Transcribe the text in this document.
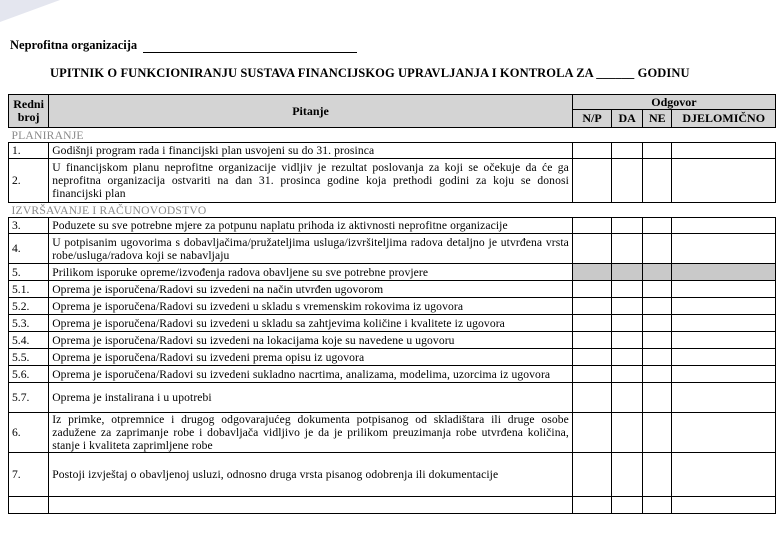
Neprofitna organizacija
UPITNIK O FUNKCIONIRANJU SUSTAVA FINANCIJSKOG UPRAVLJANJA I KONTROLA ZA ______ GODINU
Redni broj	Pitanje	Odgovor			
		N/P	DA	NE	DJELOMIČNO
PLANIRANJE					
1.	Godišnji program rada i financijski plan usvojeni su do 31. prosinca				
2.	U financijskom planu neprofitne organizacije vidljiv je rezultat poslovanja za koji se očekuje da će ga neprofitna organizacija ostvariti na dan 31. prosinca godine koja prethodi godini za koju se donosi financijski plan				
IZVRŠAVANJE I RAČUNOVODSTVO					
3.	Poduzete su sve potrebne mjere za potpunu naplatu prihoda iz aktivnosti neprofitne organizacije				
4.	U potpisanim ugovorima s dobavljačima/pružateljima usluga/izvršiteljima radova detaljno je utvrđena vrsta robe/usluga/radova koji se nabavljaju				
5.	Prilikom isporuke opreme/izvođenja radova obavljene su sve potrebne provjere				
5.1.	Oprema je isporučena/Radovi su izvedeni na način utvrđen ugovorom				
5.2.	Oprema je isporučena/Radovi su izvedeni u skladu s vremenskim rokovima iz ugovora				
5.3.	Oprema je isporučena/Radovi su izvedeni u skladu sa zahtjevima količine i kvalitete iz ugovora				
5.4.	Oprema je isporučena/Radovi su izvedeni na lokacijama koje su navedene u ugovoru				
5.5.	Oprema je isporučena/Radovi su izvedeni prema opisu iz ugovora				
5.6.	Oprema je isporučena/Radovi su izvedeni sukladno nacrtima, analizama, modelima, uzorcima iz ugovora				
5.7.	Oprema je instalirana i u upotrebi				
6.	Iz primke, otpremnice i drugog odgovarajućeg dokumenta potpisanog od skladištara ili druge osobe zadužene za zaprimanje robe i dobavljača vidljivo je da je prilikom preuzimanja robe utvrđena količina, stanje i kvaliteta zaprimljene robe				
7.	Postoji izvještaj o obavljenoj usluzi, odnosno druga vrsta pisanog odobrenja ili dokumentacije				
